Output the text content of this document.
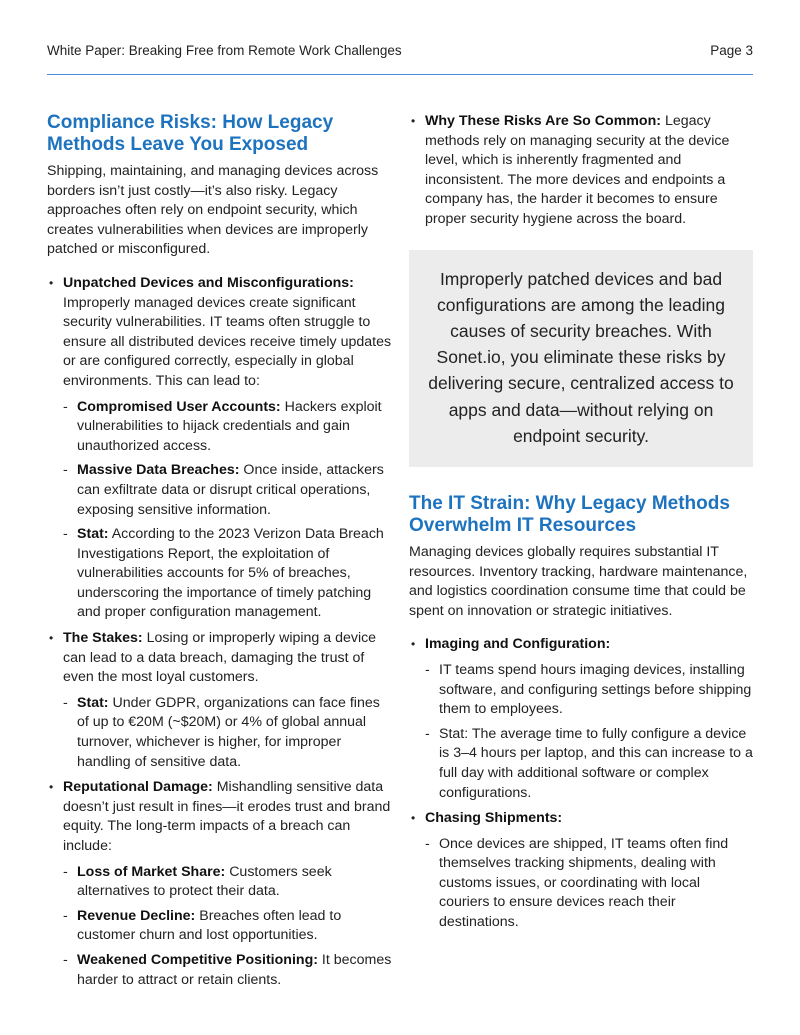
White Paper: Breaking Free from Remote Work Challenges	Page 3
Compliance Risks: How Legacy Methods Leave You Exposed

Shipping, maintaining, and managing devices across borders isn’t just costly—it’s also risky. Legacy approaches often rely on endpoint security, which creates vulnerabilities when devices are improperly patched or misconfigured.

• Unpatched Devices and Misconfigurations: Improperly managed devices create significant security vulnerabilities. IT teams often struggle to ensure all distributed devices receive timely updates or are configured correctly, especially in global environments. This can lead to:
- Compromised User Accounts: Hackers exploit vulnerabilities to hijack credentials and gain unauthorized access.
- Massive Data Breaches: Once inside, attackers can exfiltrate data or disrupt critical operations, exposing sensitive information.
- Stat: According to the 2023 Verizon Data Breach Investigations Report, the exploitation of vulnerabilities accounts for 5% of breaches, underscoring the importance of timely patching and proper configuration management.
• The Stakes: Losing or improperly wiping a device can lead to a data breach, damaging the trust of even the most loyal customers.
- Stat: Under GDPR, organizations can face fines of up to €20M (~$20M) or 4% of global annual turnover, whichever is higher, for improper handling of sensitive data.
• Reputational Damage: Mishandling sensitive data doesn’t just result in fines—it erodes trust and brand equity. The long-term impacts of a breach can include:
- Loss of Market Share: Customers seek alternatives to protect their data.
- Revenue Decline: Breaches often lead to customer churn and lost opportunities.
- Weakened Competitive Positioning: It becomes harder to attract or retain clients.
• Why These Risks Are So Common: Legacy methods rely on managing security at the device level, which is inherently fragmented and inconsistent. The more devices and endpoints a company has, the harder it becomes to ensure proper security hygiene across the board.
Improperly patched devices and bad configurations are among the leading causes of security breaches. With Sonet.io, you eliminate these risks by delivering secure, centralized access to apps and data—without relying on endpoint security.
The IT Strain: Why Legacy Methods Overwhelm IT Resources

Managing devices globally requires substantial IT resources. Inventory tracking, hardware maintenance, and logistics coordination consume time that could be spent on innovation or strategic initiatives.

• Imaging and Configuration:
- IT teams spend hours imaging devices, installing software, and configuring settings before shipping them to employees.
- Stat: The average time to fully configure a device is 3–4 hours per laptop, and this can increase to a full day with additional software or complex configurations.
• Chasing Shipments:
- Once devices are shipped, IT teams often find themselves tracking shipments, dealing with customs issues, or coordinating with local couriers to ensure devices reach their destinations.
